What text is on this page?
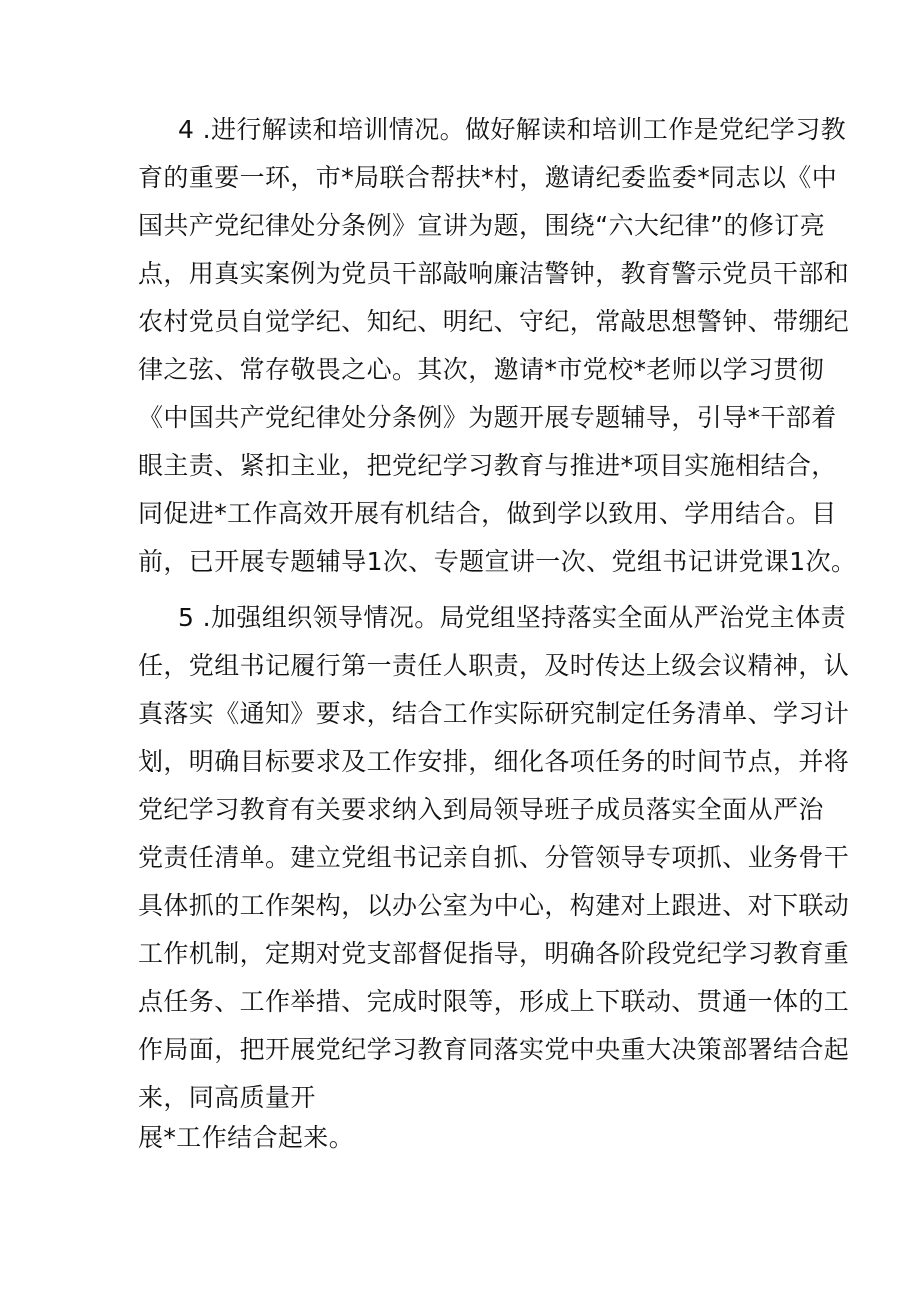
4 .进行解读和培训情况。做好解读和培训工作是党纪学习教
育的重要一环，市*局联合帮扶*村，邀请纪委监委*同志以《中
国共产党纪律处分条例》宣讲为题，围绕“六大纪律”的修订亮
点，用真实案例为党员干部敲响廉洁警钟，教育警示党员干部和
农村党员自觉学纪、知纪、明纪、守纪，常敲思想警钟、带绷纪
律之弦、常存敬畏之心。其次，邀请*市党校*老师以学习贯彻
《中国共产党纪律处分条例》为题开展专题辅导，引导*干部着
眼主责、紧扣主业，把党纪学习教育与推进*项目实施相结合，
同促进*工作高效开展有机结合，做到学以致用、学用结合。目
前，已开展专题辅导1次、专题宣讲一次、党组书记讲党课1次。
5 .加强组织领导情况。局党组坚持落实全面从严治党主体责
任，党组书记履行第一责任人职责，及时传达上级会议精神，认
真落实《通知》要求，结合工作实际研究制定任务清单、学习计
划，明确目标要求及工作安排，细化各项任务的时间节点，并将
党纪学习教育有关要求纳入到局领导班子成员落实全面从严治
党责任清单。建立党组书记亲自抓、分管领导专项抓、业务骨干
具体抓的工作架构，以办公室为中心，构建对上跟进、对下联动
工作机制，定期对党支部督促指导，明确各阶段党纪学习教育重
点任务、工作举措、完成时限等，形成上下联动、贯通一体的工
作局面，把开展党纪学习教育同落实党中央重大决策部署结合起
来，同高质量开
展*工作结合起来。
